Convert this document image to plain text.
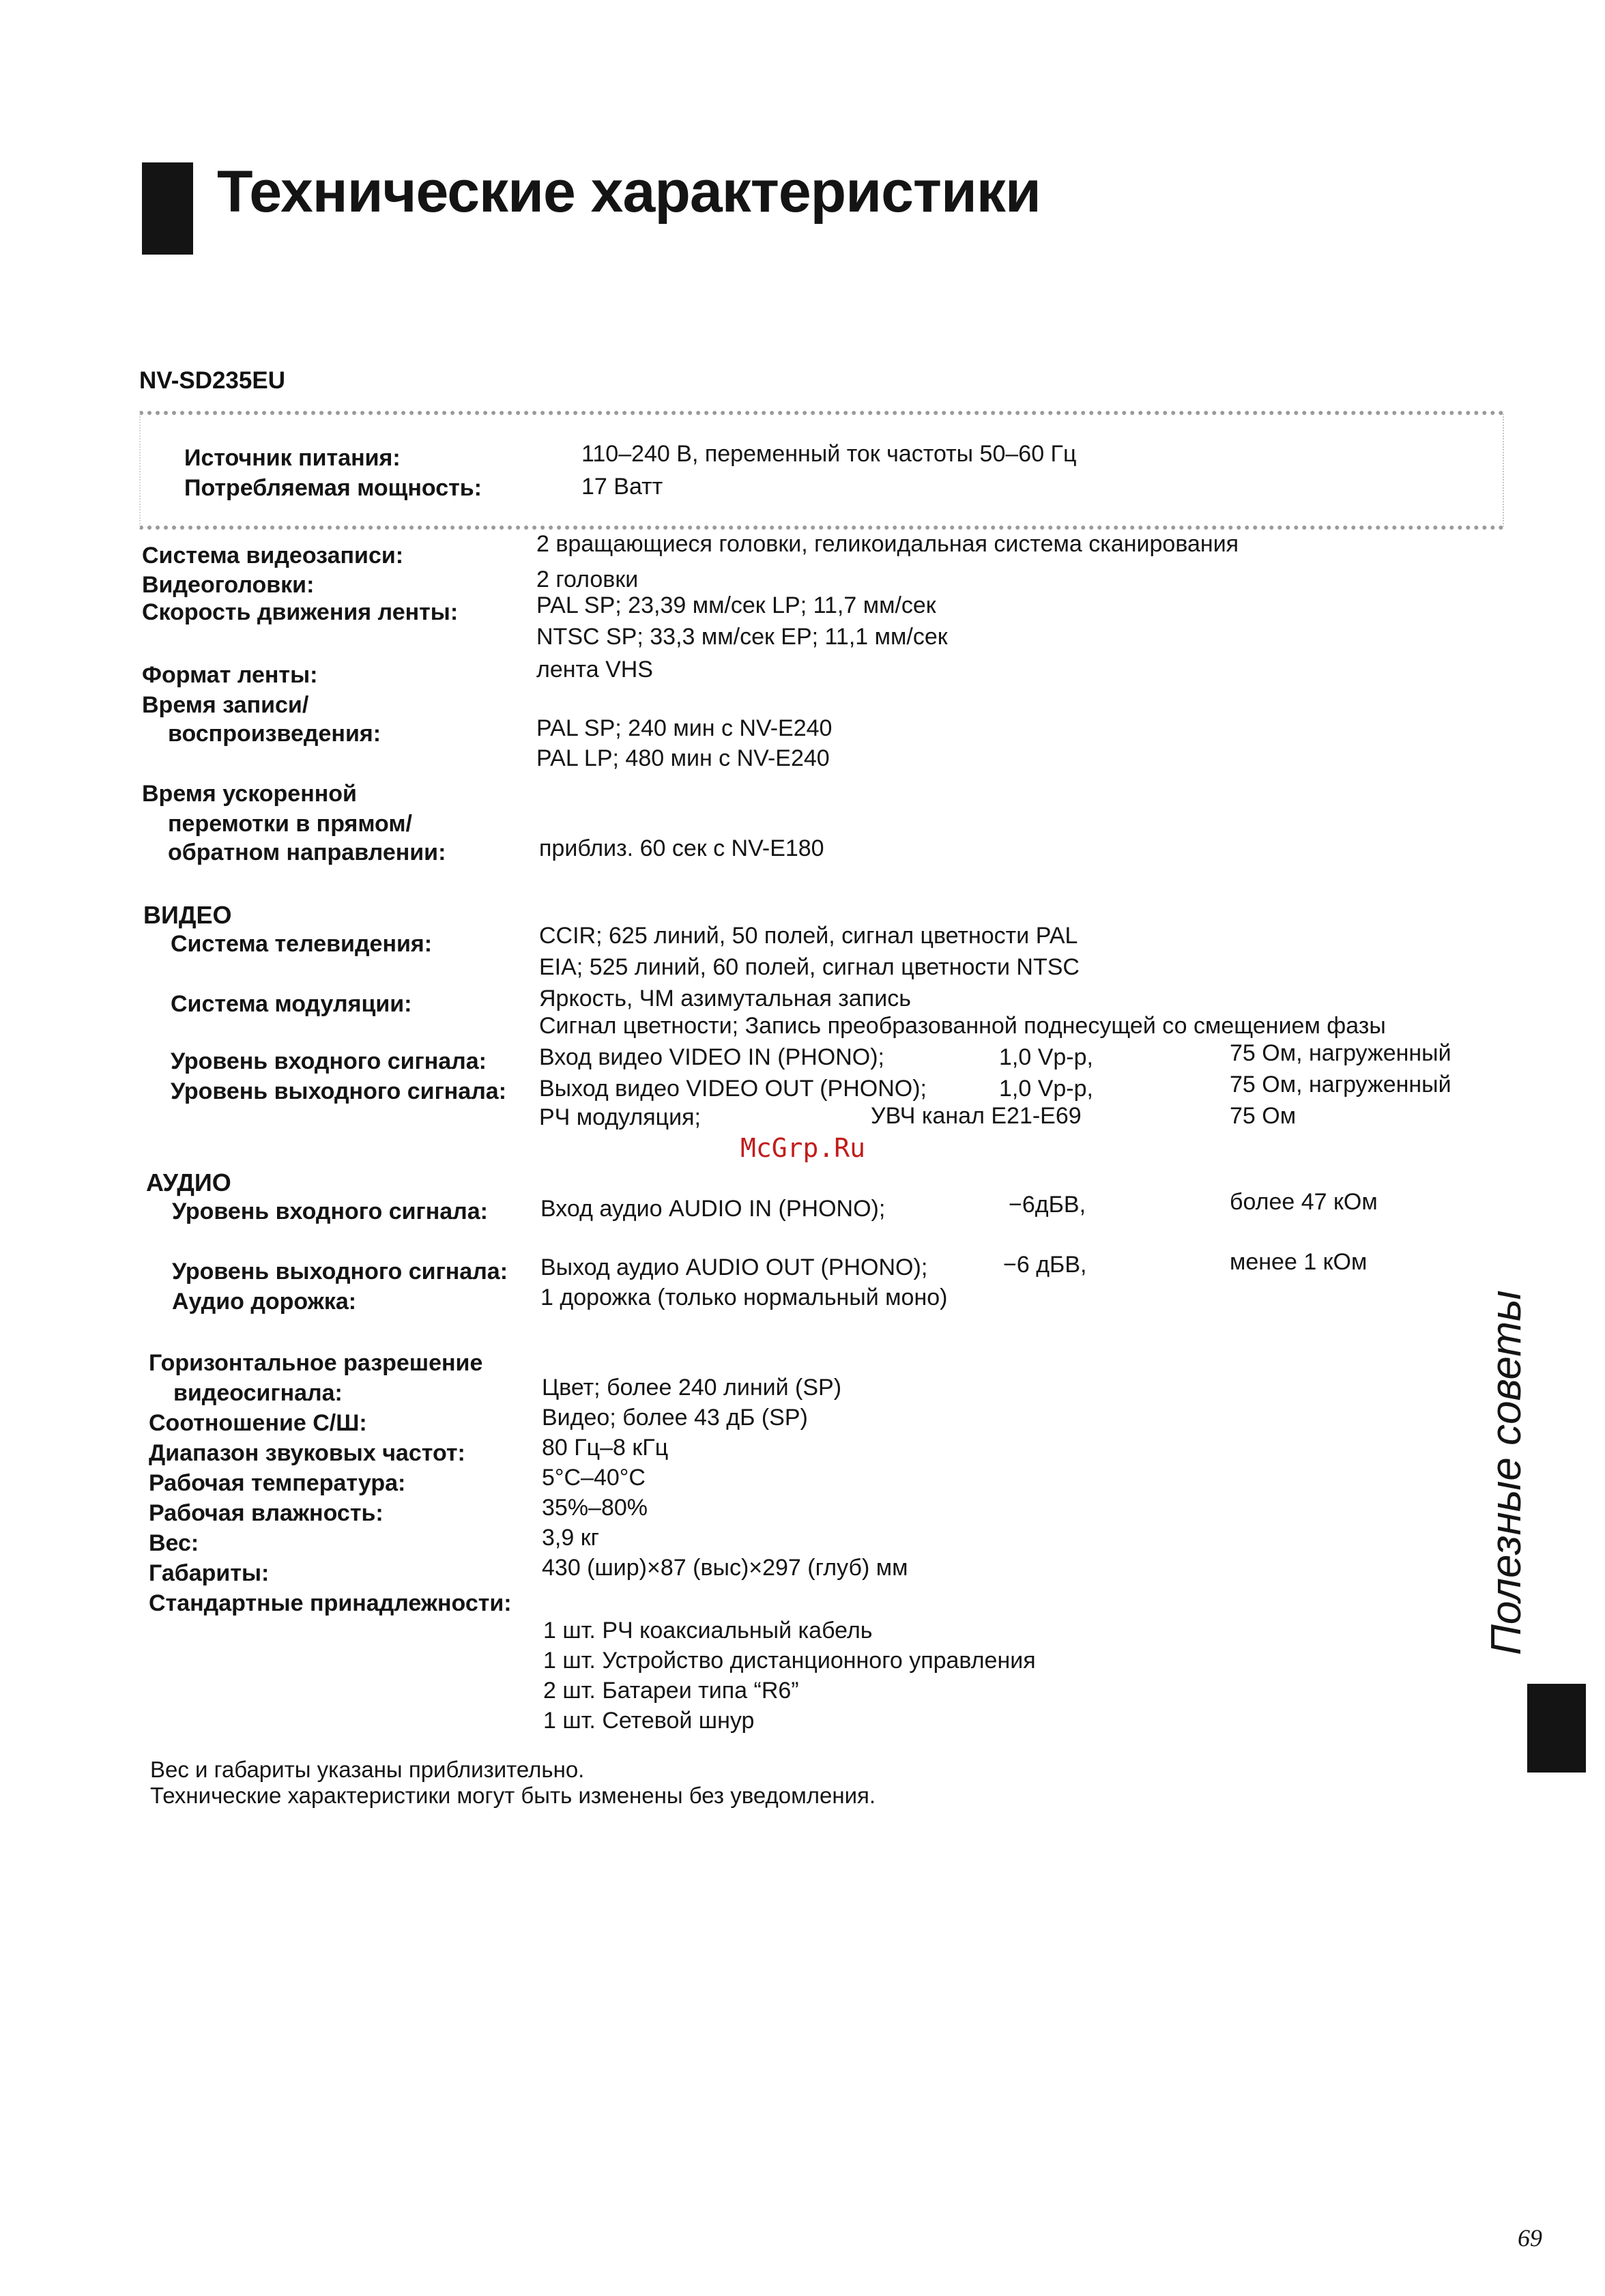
Технические характеристики
NV-SD235EU
Источник питания:	110–240 В, переменный ток частоты 50–60 Гц
Потребляемая мощность:	17 Ватт
Система видеозаписи:	2 вращающиеся головки, геликоидальная система сканирования
Видеоголовки:	2 головки
Скорость движения ленты:	PAL SP; 23,39 мм/сек LP; 11,7 мм/сек
NTSC SP; 33,3 мм/сек EP; 11,1 мм/сек
Формат ленты:	лента VHS
Время записи/
воспроизведения:	PAL SP; 240 мин с NV-E240
PAL LP; 480 мин с NV-E240
Время ускоренной
перемотки в прямом/
обратном направлении:	приблиз. 60 сек с NV-E180
ВИДЕО
Система телевидения:	CCIR; 625 линий, 50 полей, сигнал цветности PAL
EIA; 525 линий, 60 полей, сигнал цветности NTSC
Система модуляции:	Яркость, ЧМ азимутальная запись
Сигнал цветности; Запись преобразованной поднесущей со смещением фазы
Уровень входного сигнала: Вход видео VIDEO IN (PHONO);	1,0 Vp-p,	75 Ом, нагруженный
Уровень выходного сигнала: Выход видео VIDEO OUT (PHONO);	1,0 Vp-p,	75 Ом, нагруженный
РЧ модуляция;	УВЧ канал E21-E69	75 Ом
McGrp.Ru
АУДИО
Уровень входного сигнала: Вход аудио AUDIO IN (PHONO);	−6дБВ,	более 47 кОм
Уровень выходного сигнала: Выход аудио AUDIO OUT (PHONO);	−6 дБВ,	менее 1 кОм
Аудио дорожка:	1 дорожка (только нормальный моно)
Горизонтальное разрешение
видеосигнала:	Цвет; более 240 линий (SP)
Соотношение С/Ш:	Видео; более 43 дБ (SP)
Диапазон звуковых частот:	80 Гц–8 кГц
Рабочая температура:	5°C–40°C
Рабочая влажность:	35%–80%
Вес:	3,9 кг
Габариты:	430 (шир)×87 (выс)×297 (глуб) мм
Стандартные принадлежности:
1 шт. РЧ коаксиальный кабель
1 шт. Устройство дистанционного управления
2 шт. Батареи типа “R6”
1 шт. Сетевой шнур
Вес и габариты указаны приблизительно.
Технические характеристики могут быть изменены без уведомления.
Полезные советы
69
